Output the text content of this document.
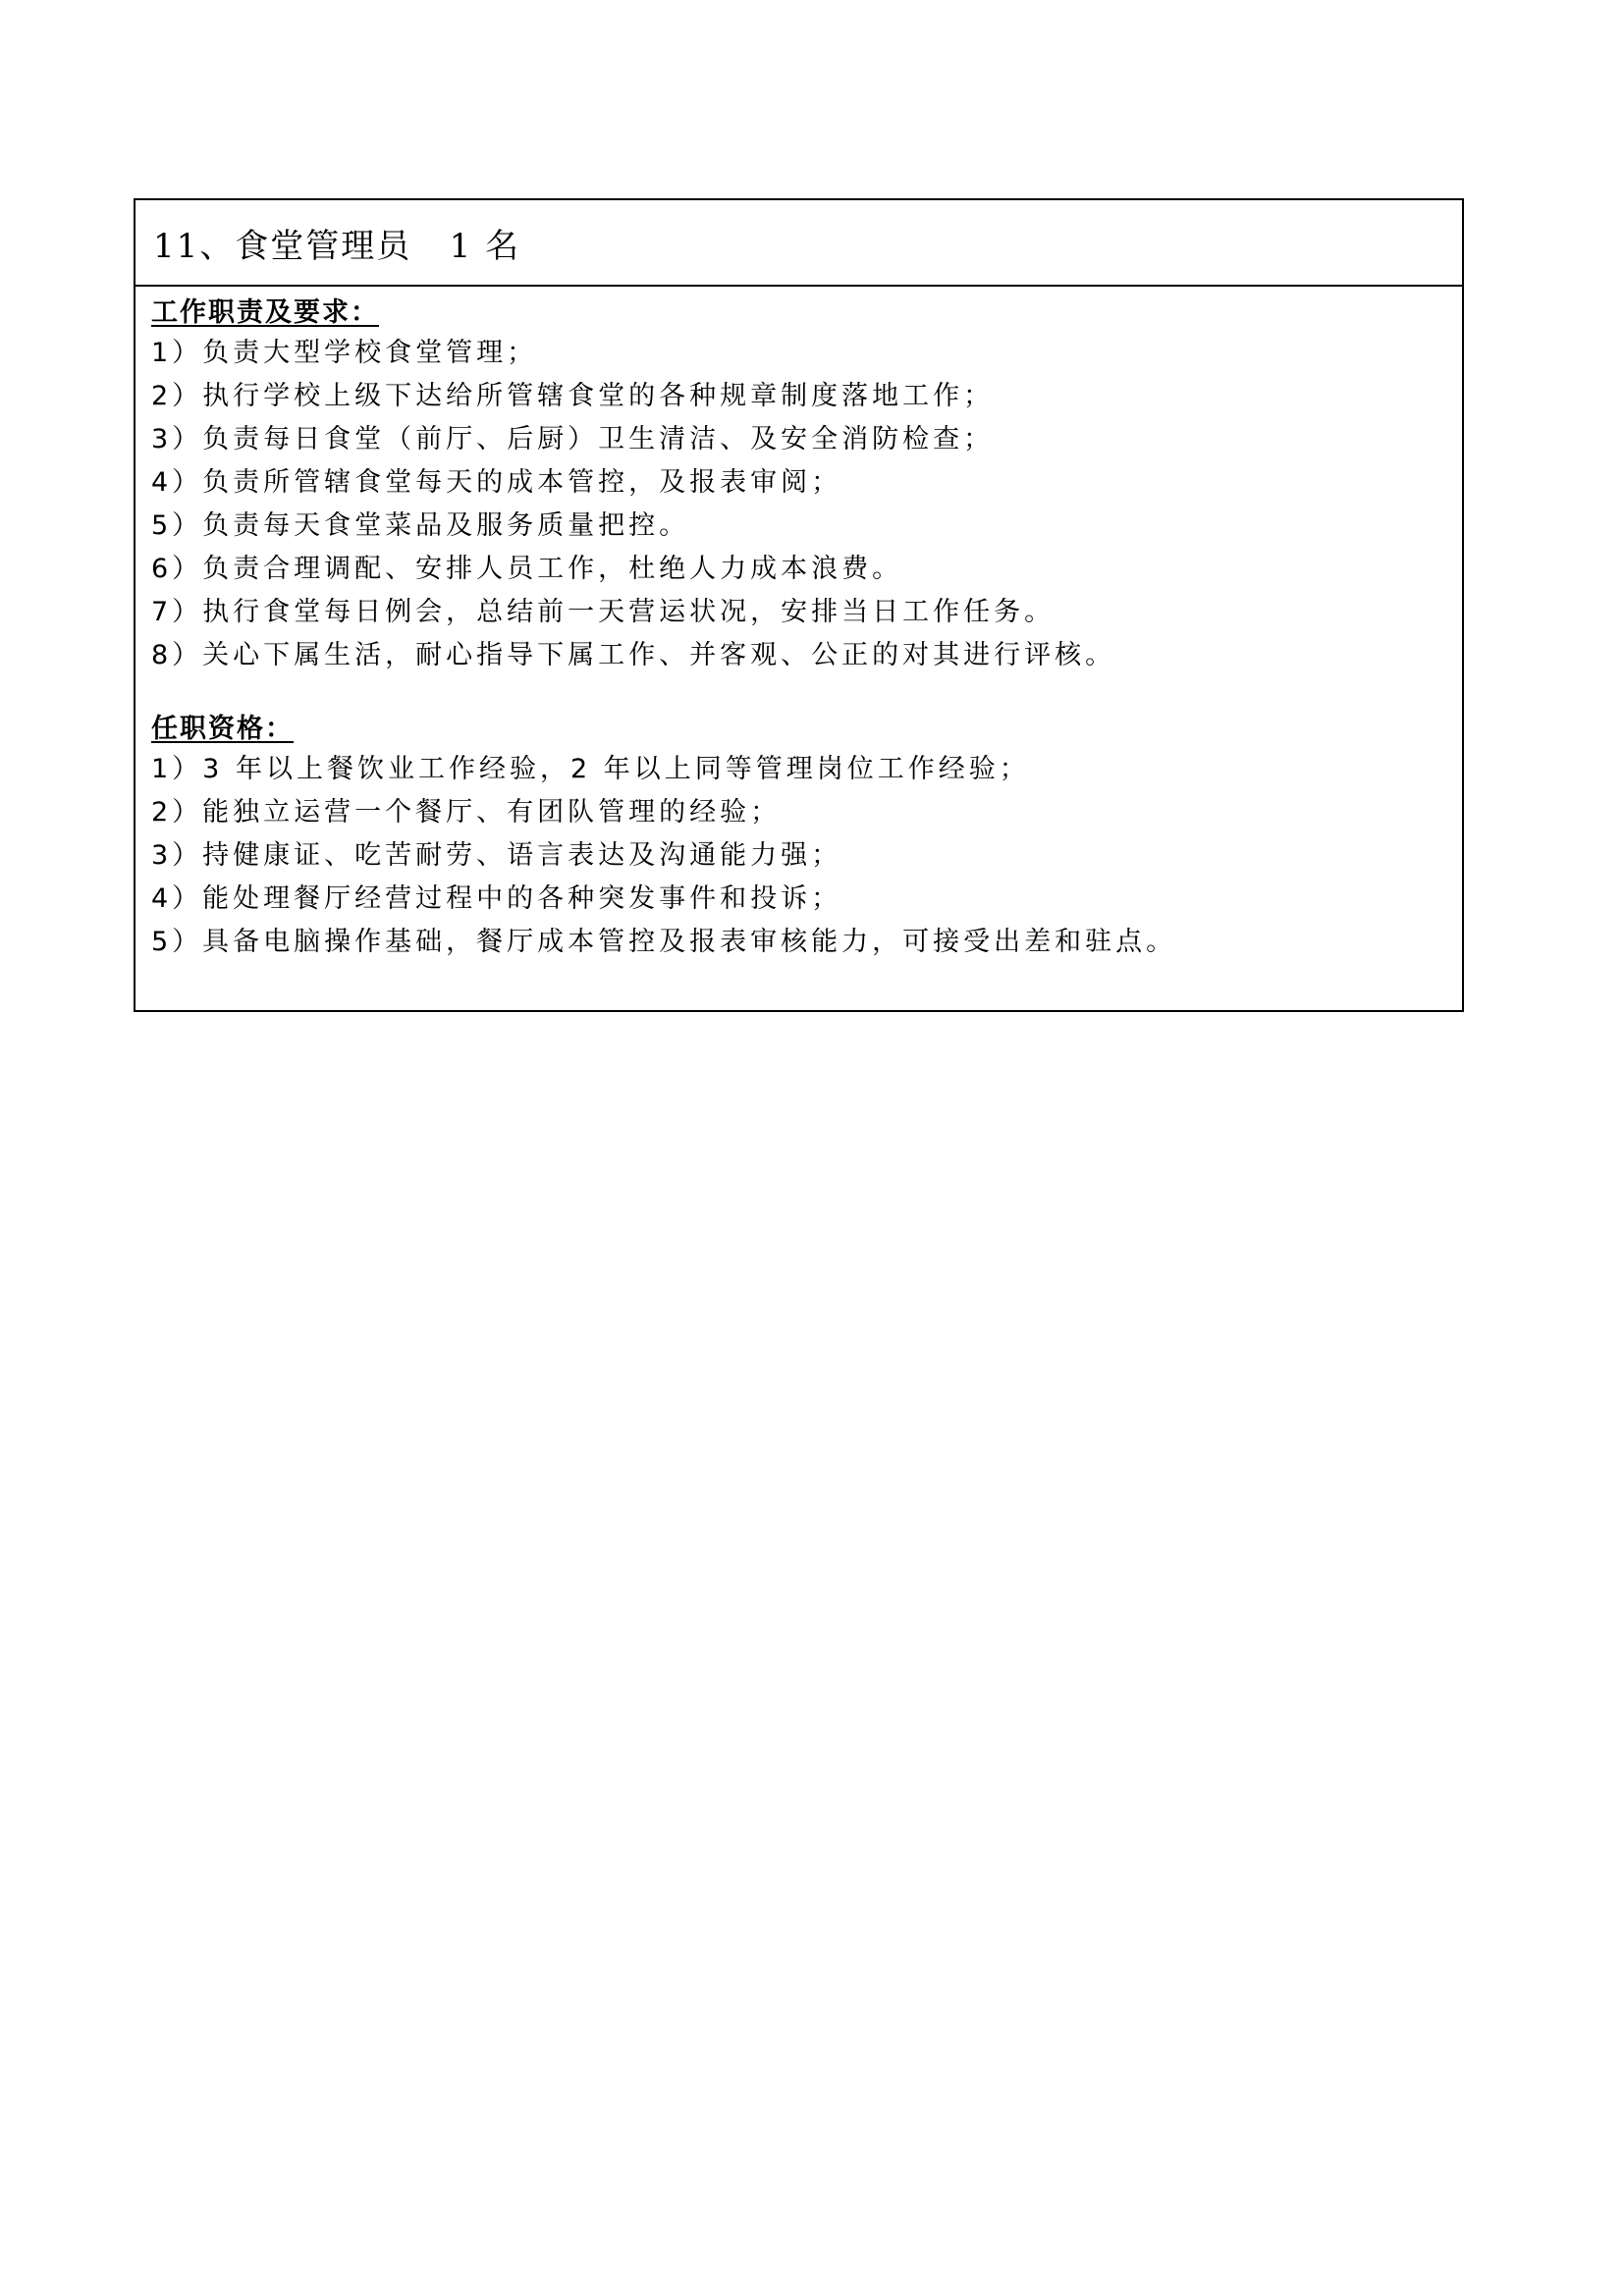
11、食堂管理员   1 名
工作职责及要求：
1）负责大型学校食堂管理；
2）执行学校上级下达给所管辖食堂的各种规章制度落地工作；
3）负责每日食堂（前厅、后厨）卫生清洁、及安全消防检查；
4）负责所管辖食堂每天的成本管控，及报表审阅；
5）负责每天食堂菜品及服务质量把控。
6）负责合理调配、安排人员工作，杜绝人力成本浪费。
7）执行食堂每日例会，总结前一天营运状况，安排当日工作任务。
8）关心下属生活，耐心指导下属工作、并客观、公正的对其进行评核。
任职资格：
1）3 年以上餐饮业工作经验，2 年以上同等管理岗位工作经验；
2）能独立运营一个餐厅、有团队管理的经验；
3）持健康证、吃苦耐劳、语言表达及沟通能力强；
4）能处理餐厅经营过程中的各种突发事件和投诉；
5）具备电脑操作基础，餐厅成本管控及报表审核能力，可接受出差和驻点。
